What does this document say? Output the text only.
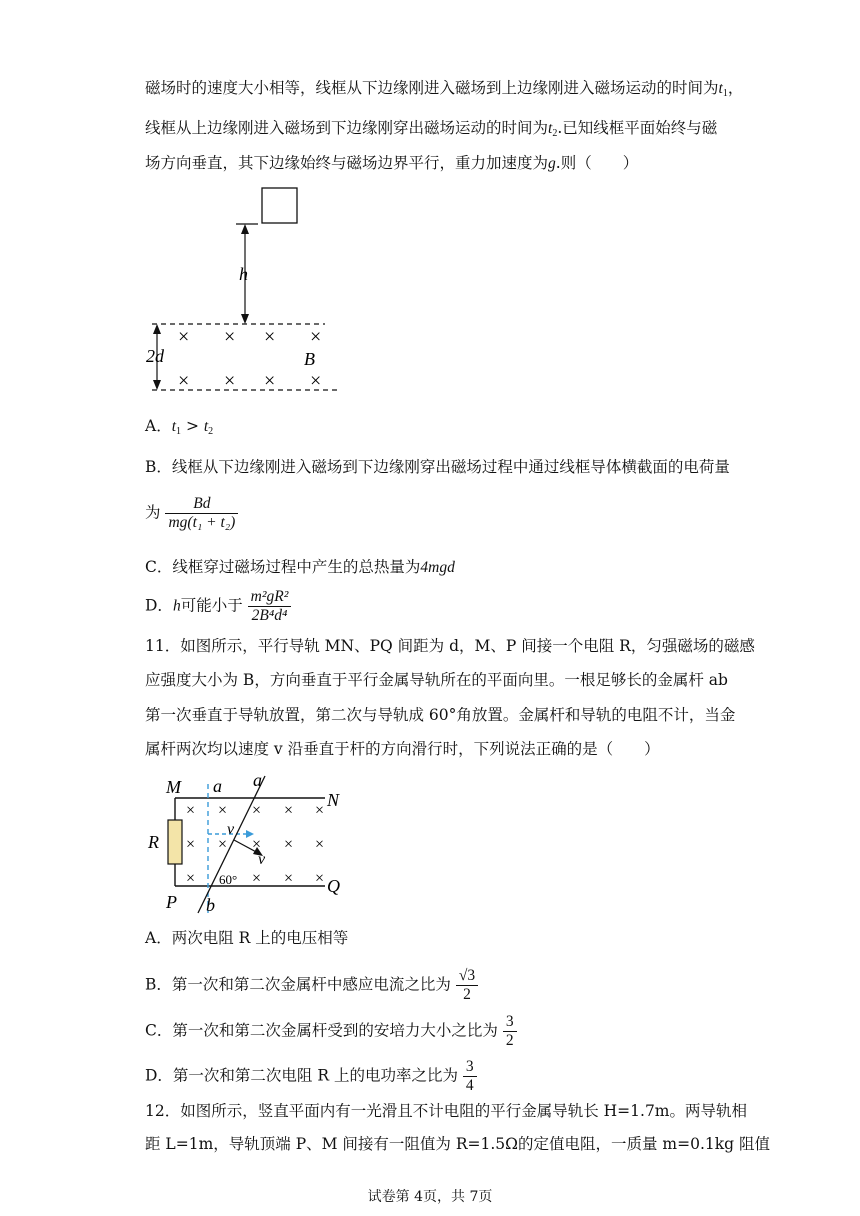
磁场时的速度大小相等，线框从下边缘刚进入磁场到上边缘刚进入磁场运动的时间为$t_1$，
线框从上边缘刚进入磁场到下边缘刚穿出磁场运动的时间为$t_2$.已知线框平面始终与磁
场方向垂直，其下边缘始终与磁场边界平行，重力加速度为g.则（　　）
h
2d
× × × ×
× × × ×
B
A．$t_1 > t_2$
B．线框从下边缘刚进入磁场到下边缘刚穿出磁场过程中通过线框导体横截面的电荷量
为 $\frac{Bd}{\text{mg(t₁ + t₂)}}$
C．线框穿过磁场过程中产生的总热量为4mgd
D．h可能小于 $\frac{\text{m²gR²}}{\text{2B⁴d⁴}}$
11．如图所示，平行导轨 MN、PQ 间距为 d，M、P 间接一个电阻 R，匀强磁场的磁感
应强度大小为 B，方向垂直于平行金属导轨所在的平面向里。一根足够长的金属杆 ab
第一次垂直于导轨放置，第二次与导轨成 60°角放置。金属杆和导轨的电阻不计，当金
属杆两次均以速度 v 沿垂直于杆的方向滑行时，下列说法正确的是（　　）
M
N
P
Q
R
a a
b
v
v
60°
× × × × ×
× × × × ×
×	× × ×
A．两次电阻 R 上的电压相等
B．第一次和第二次金属杆中感应电流之比为 $\frac{√3}{2}$
C．第一次和第二次金属杆受到的安培力大小之比为 $\frac{3}{2}$
D．第一次和第二次电阻 R 上的电功率之比为 $\frac{3}{4}$
12．如图所示，竖直平面内有一光滑且不计电阻的平行金属导轨长 H=1.7m。两导轨相
距 L=1m，导轨顶端 P、M 间接有一阻值为 R=1.5Ω的定值电阻，一质量 m=0.1kg 阻值
试卷第 4页，共 7页
